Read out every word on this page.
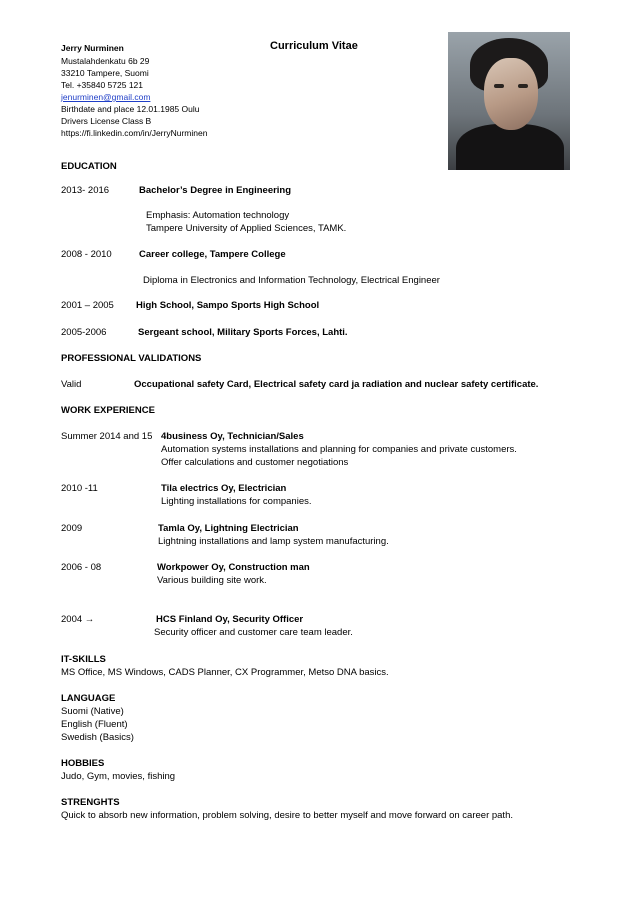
Jerry Nurminen	Curriculum Vitae
Mustalahdenkatu 6b 29
33210 Tampere, Suomi
Tel. +35840 5725 121
jenurminen@gmail.com
Birthdate and place 12.01.1985 Oulu
Drivers License Class B
https://fi.linkedin.com/in/JerryNurminen
EDUCATION
2013- 2016	Bachelor’s Degree in Engineering
Emphasis: Automation technology
Tampere University of Applied Sciences, TAMK.
2008 - 2010	Career college, Tampere College
Diploma in Electronics and Information Technology, Electrical Engineer
2001 – 2005 High School, Sampo Sports High School
2005-2006	Sergeant school, Military Sports Forces, Lahti.
PROFESSIONAL VALIDATIONS
Valid	Occupational safety Card, Electrical safety card ja radiation and nuclear safety certificate.
WORK EXPERIENCE
Summer 2014 and 15 4business Oy, Technician/Sales
Automation systems installations and planning for companies and private customers.
Offer calculations and customer negotiations
2010 -11	Tila electrics Oy, Electrician
Lighting installations for companies.
2009	Tamla Oy, Lightning Electrician
Lightning installations and lamp system manufacturing.
2006 - 08	Workpower Oy, Construction man
Various building site work.
2004 →	HCS Finland Oy, Security Officer
Security officer and customer care team leader.
IT-SKILLS
MS Office, MS Windows, CADS Planner, CX Programmer, Metso DNA basics.
LANGUAGE
Suomi (Native)
English (Fluent)
Swedish (Basics)
HOBBIES
Judo, Gym, movies, fishing
STRENGHTS
Quick to absorb new information, problem solving, desire to better myself and move forward on career path.
